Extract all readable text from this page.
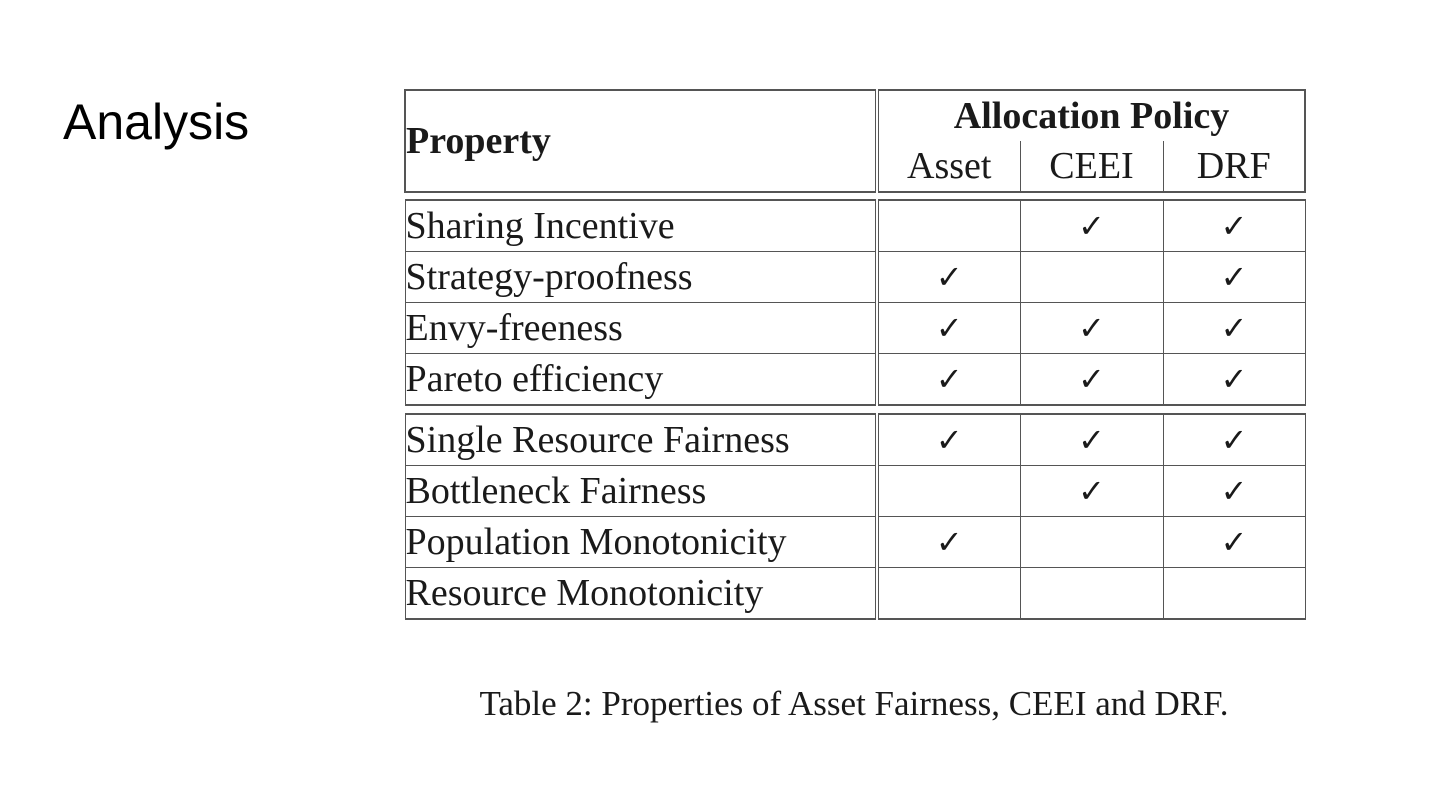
Analysis	Property	Allocation Policy		
	Asset	CEEI	DRF

Sharing Incentive		✓	✓
Strategy-proofness	✓		✓
Envy-freeness	✓	✓	✓
Pareto efficiency	✓	✓	✓

Single Resource Fairness	✓	✓	✓
Bottleneck Fairness		✓	✓
Population Monotonicity	✓		✓
Resource Monotonicity			

Table 2: Properties of Asset Fairness, CEEI and DRF.
